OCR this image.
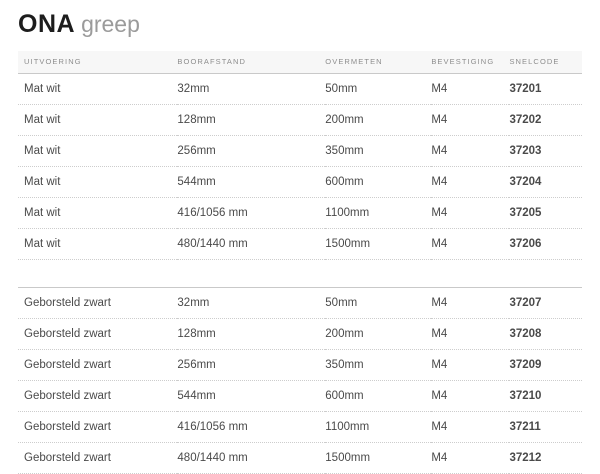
ONA greep
UITVOERING	BOORAFSTAND	OVERMETEN	BEVESTIGING	SNELCODE
Mat wit	32mm	50mm	M4	37201
Mat wit	128mm	200mm	M4	37202
Mat wit	256mm	350mm	M4	37203
Mat wit	544mm	600mm	M4	37204
Mat wit	416/1056 mm	1100mm	M4	37205
Mat wit	480/1440 mm	1500mm	M4	37206

Geborsteld zwart	32mm	50mm	M4	37207
Geborsteld zwart	128mm	200mm	M4	37208
Geborsteld zwart	256mm	350mm	M4	37209
Geborsteld zwart	544mm	600mm	M4	37210
Geborsteld zwart	416/1056 mm	1100mm	M4	37211
Geborsteld zwart	480/1440 mm	1500mm	M4	37212
